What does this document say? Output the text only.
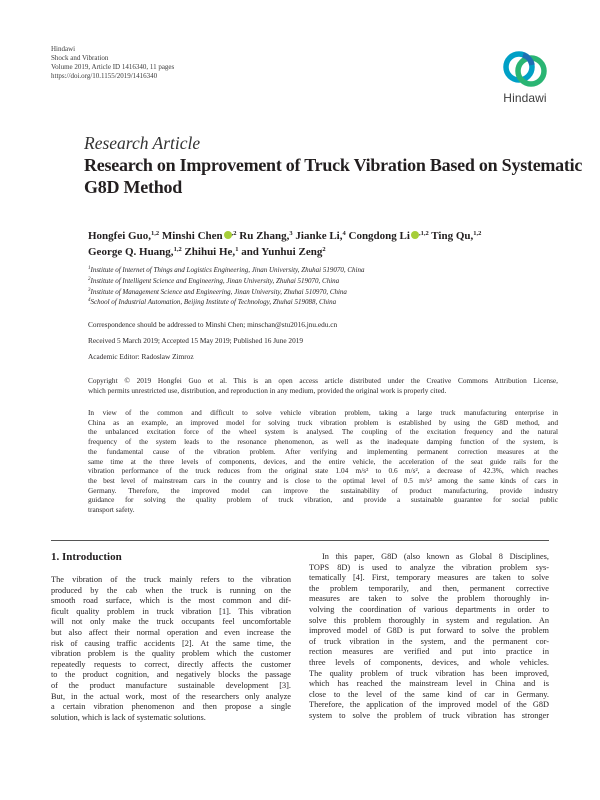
Hindawi
Shock and Vibration
Volume 2019, Article ID 1416340, 11 pages
https://doi.org/10.1155/2019/1416340
Hindawi
Research Article
Research on Improvement of Truck Vibration Based on Systematic
G8D Method
Hongfei Guo,$^{1,2}$ Minshi Chen $^{,2}$ Ru Zhang,$^3$ Jianke Li,$^4$ Congdong Li $^{,1,2}$ Ting Qu,$^{1,2}$
George Q. Huang,$^{1,2}$ Zhihui He,$^1$ and Yunhui Zeng$^2$
$^1$Institute of Internet of Things and Logistics Engineering, Jinan University, Zhuhai 519070, China
$^2$Institute of Intelligent Science and Engineering, Jinan University, Zhuhai 519070, China
$^3$Institute of Management Science and Engineering, Jinan University, Zhuhai 510970, China
$^4$School of Industrial Automation, Beijing Institute of Technology, Zhuhai 519088, China
Correspondence should be addressed to Minshi Chen; minschan@stu2016.jnu.edu.cn
Received 5 March 2019; Accepted 15 May 2019; Published 16 June 2019
Academic Editor: Radoslaw Zimroz
Copyright © 2019 Hongfei Guo et al. This is an open access article distributed under the Creative Commons Attribution License,
which permits unrestricted use, distribution, and reproduction in any medium, provided the original work is properly cited.
In view of the common and difficult to solve vehicle vibration problem, taking a large truck manufacturing enterprise in
China as an example, an improved model for solving truck vibration problem is established by using the G8D method, and
the unbalanced excitation force of the wheel system is analysed. The coupling of the excitation frequency and the natural
frequency of the system leads to the resonance phenomenon, as well as the inadequate damping function of the system, is
the fundamental cause of the vibration problem. After verifying and implementing permanent correction measures at the
same time at the three levels of components, devices, and the entire vehicle, the acceleration of the seat guide rails for the
vibration performance of the truck reduces from the original state 1.04 m/s² to 0.6 m/s², a decrease of 42.3%, which reaches
the best level of mainstream cars in the country and is close to the optimal level of 0.5 m/s² among the same kinds of cars in
Germany. Therefore, the improved model can improve the sustainability of product manufacturing, provide industry
guidance for solving the quality problem of truck vibration, and provide a sustainable guarantee for social public
transport safety.
1. Introduction
The vibration of the truck mainly refers to the vibration
produced by the cab when the truck is running on the
smooth road surface, which is the most common and dif-
ficult quality problem in truck vibration [1]. This vibration
will not only make the truck occupants feel uncomfortable
but also affect their normal operation and even increase the
risk of causing traffic accidents [2]. At the same time, the
vibration problem is the quality problem which the customer
repeatedly requests to correct, directly affects the customer
to the product cognition, and negatively blocks the passage
of the product manufacture sustainable development [3].
But, in the actual work, most of the researchers only analyze
a certain vibration phenomenon and then propose a single
solution, which is lack of systematic solutions.
In this paper, G8D (also known as Global 8 Disciplines,
TOPS 8D) is used to analyze the vibration problem sys-
tematically [4]. First, temporary measures are taken to solve
the problem temporarily, and then, permanent corrective
measures are taken to solve the problem thoroughly in-
volving the coordination of various departments in order to
solve this problem thoroughly in system and regulation. An
improved model of G8D is put forward to solve the problem
of truck vibration in the system, and the permanent cor-
rection measures are verified and put into practice in
three levels of components, devices, and whole vehicles.
The quality problem of truck vibration has been improved,
which has reached the mainstream level in China and is
close to the level of the same kind of car in Germany.
Therefore, the application of the improved model of the G8D
system to solve the problem of truck vibration has stronger
